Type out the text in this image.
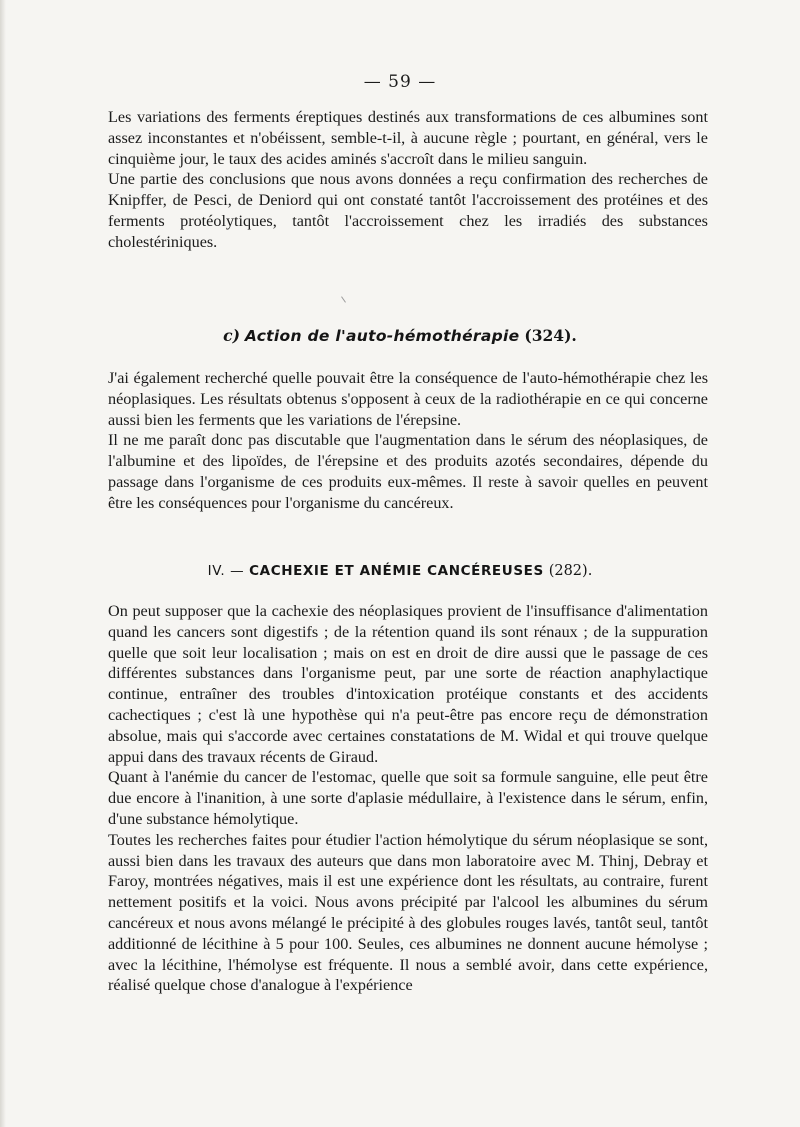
— 59 —

Les variations des ferments éreptiques destinés aux transformations de ces albumines sont assez inconstantes et n'obéissent, semble-t-il, à aucune règle ; pourtant, en général, vers le cinquième jour, le taux des acides aminés s'accroît dans le milieu sanguin.

Une partie des conclusions que nous avons données a reçu confirmation des recherches de Knipffer, de Pesci, de Deniord qui ont constaté tantôt l'accroissement des protéines et des ferments protéolytiques, tantôt l'accroissement chez les irradiés des substances cholestériniques.

c) Action de l'auto-hémothérapie (324).

J'ai également recherché quelle pouvait être la conséquence de l'auto-hémothérapie chez les néoplasiques. Les résultats obtenus s'opposent à ceux de la radiothérapie en ce qui concerne aussi bien les ferments que les variations de l'érepsine.

Il ne me paraît donc pas discutable que l'augmentation dans le sérum des néoplasiques, de l'albumine et des lipoïdes, de l'érepsine et des produits azotés secondaires, dépende du passage dans l'organisme de ces produits eux-mêmes. Il reste à savoir quelles en peuvent être les conséquences pour l'organisme du cancéreux.

IV. — CACHEXIE ET ANÉMIE CANCÉREUSES (282).

On peut supposer que la cachexie des néoplasiques provient de l'insuffisance d'alimentation quand les cancers sont digestifs ; de la rétention quand ils sont rénaux ; de la suppuration quelle que soit leur localisation ; mais on est en droit de dire aussi que le passage de ces différentes substances dans l'organisme peut, par une sorte de réaction anaphylactique continue, entraîner des troubles d'intoxication protéique constants et des accidents cachectiques ; c'est là une hypothèse qui n'a peut-être pas encore reçu de démonstration absolue, mais qui s'accorde avec certaines constatations de M. Widal et qui trouve quelque appui dans des travaux récents de Giraud.

Quant à l'anémie du cancer de l'estomac, quelle que soit sa formule sanguine, elle peut être due encore à l'inanition, à une sorte d'aplasie médullaire, à l'existence dans le sérum, enfin, d'une substance hémolytique.

Toutes les recherches faites pour étudier l'action hémolytique du sérum néoplasique se sont, aussi bien dans les travaux des auteurs que dans mon laboratoire avec M. Thinj, Debray et Faroy, montrées négatives, mais il est une expérience dont les résultats, au contraire, furent nettement positifs et la voici. Nous avons précipité par l'alcool les albumines du sérum cancéreux et nous avons mélangé le précipité à des globules rouges lavés, tantôt seul, tantôt additionné de lécithine à 5 pour 100. Seules, ces albumines ne donnent aucune hémolyse ; avec la lécithine, l'hémolyse est fréquente. Il nous a semblé avoir, dans cette expérience, réalisé quelque chose d'analogue à l'expérience
